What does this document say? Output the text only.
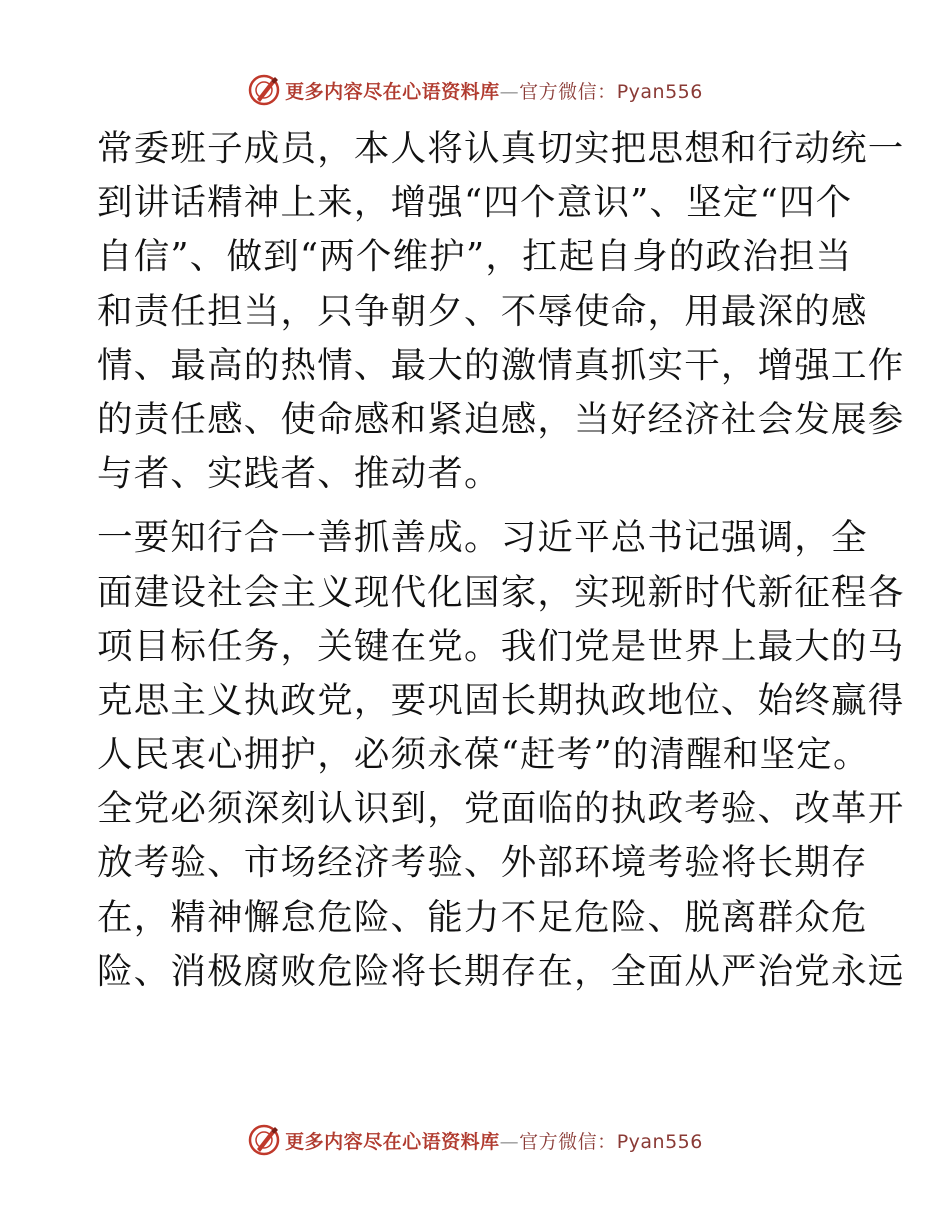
更多内容尽在心语资料库—官方微信：Pyan556
常委班子成员，本人将认真切实把思想和行动统一
到讲话精神上来，增强“四个意识”、坚定“四个
自信”、做到“两个维护”，扛起自身的政治担当
和责任担当，只争朝夕、不辱使命，用最深的感
情、最高的热情、最大的激情真抓实干，增强工作
的责任感、使命感和紧迫感，当好经济社会发展参
与者、实践者、推动者。
一要知行合一善抓善成。习近平总书记强调，全
面建设社会主义现代化国家，实现新时代新征程各
项目标任务，关键在党。我们党是世界上最大的马
克思主义执政党，要巩固长期执政地位、始终赢得
人民衷心拥护，必须永葆“赶考”的清醒和坚定。
全党必须深刻认识到，党面临的执政考验、改革开
放考验、市场经济考验、外部环境考验将长期存
在，精神懈怠危险、能力不足危险、脱离群众危
险、消极腐败危险将长期存在，全面从严治党永远
更多内容尽在心语资料库—官方微信：Pyan556
